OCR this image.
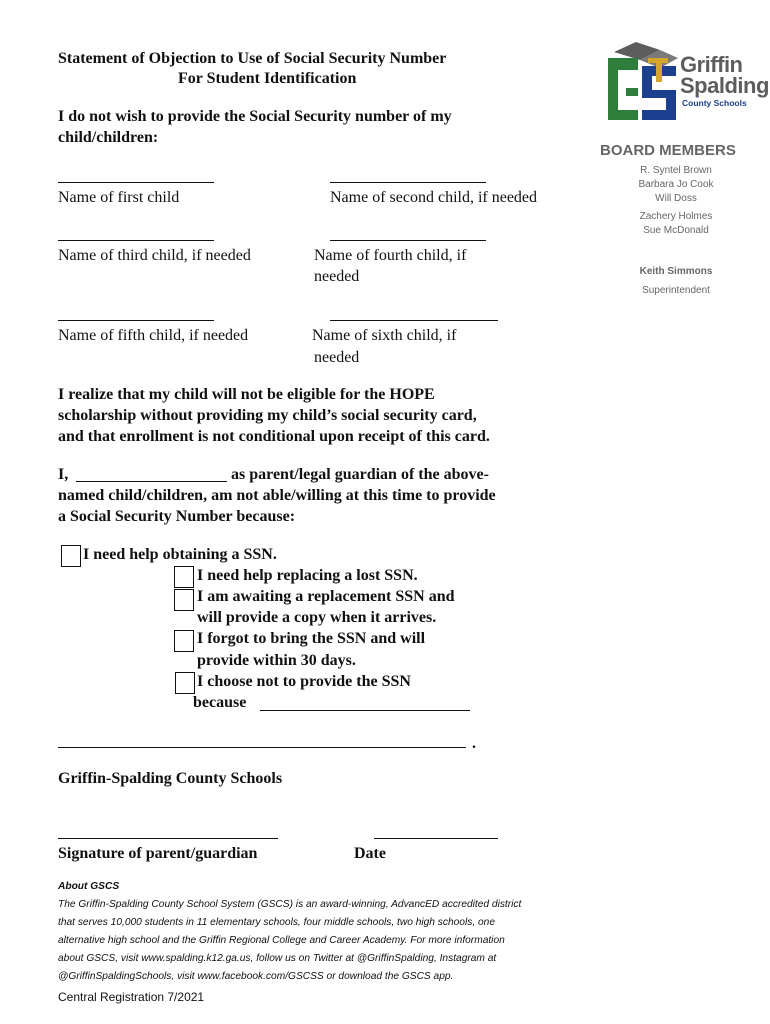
Statement of Objection to Use of Social Security Number
For Student Identification
Griffin
Spalding
County Schools
BOARD MEMBERS
R. Syntel Brown
Barbara Jo Cook
Will Doss
Zachery Holmes
Sue McDonald
Keith Simmons
Superintendent
I do not wish to provide the Social Security number of my
child/children:
Name of first child	Name of second child, if needed
Name of third child, if needed	Name of fourth child, if
needed
Name of fifth child, if needed	Name of sixth child, if
needed
I realize that my child will not be eligible for the HOPE
scholarship without providing my child’s social security card,
and that enrollment is not conditional upon receipt of this card.
I,	as parent/legal guardian of the above-
named child/children, am not able/willing at this time to provide
a Social Security Number because:
I need help obtaining a SSN.
I need help replacing a lost SSN.
I am awaiting a replacement SSN and
will provide a copy when it arrives.
I forgot to bring the SSN and will
provide within 30 days.
I choose not to provide the SSN
because
.
Griffin-Spalding County Schools
Signature of parent/guardian	Date
About GSCS
The Griffin-Spalding County School System (GSCS) is an award-winning, AdvancED accredited district
that serves 10,000 students in 11 elementary schools, four middle schools, two high schools, one
alternative high school and the Griffin Regional College and Career Academy. For more information
about GSCS, visit www.spalding.k12.ga.us, follow us on Twitter at @GriffinSpalding, Instagram at
@GriffinSpaldingSchools, visit www.facebook.com/GSCSS or download the GSCS app.
Central Registration 7/2021
